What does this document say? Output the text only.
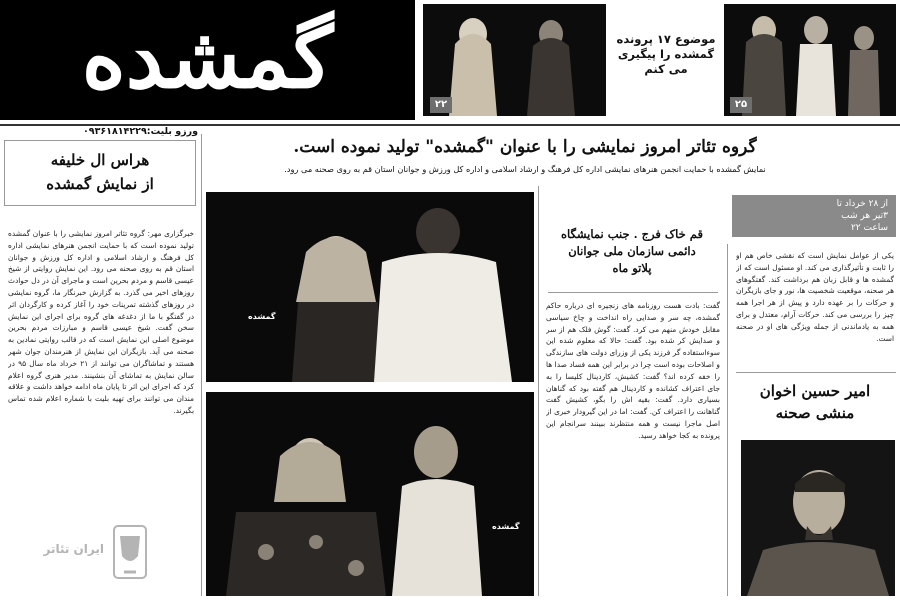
گمشده	۲۲
موضوع ۱۷ پرونده
گمشده را پیگیری
می کنم
۲۵
ورزو بلیت:۰۹۳۶۱۸۱۴۲۲۹
گروه تئاتر امروز نمایشی را با عنوان "گمشده" تولید نموده است.
نمایش گمشده با حمایت انجمن هنرهای نمایشی اداره کل فرهنگ و ارشاد اسلامی و اداره کل ورزش و جوانان استان قم به روی صحنه می رود.
هراس ال خلیفه
از نمایش گمشده
خبرگزاری مهر: گروه تئاتر امروز نمایشی را با عنوان گمشده تولید نموده است که با حمایت انجمن هنرهای نمایشی اداره کل فرهنگ و ارشاد اسلامی و اداره کل ورزش و جوانان استان قم به روی صحنه می رود. این نمایش روایتی از شیخ عیسی قاسم و مردم بحرین است و ماجرای آن در دل حوادث روزهای اخیر می گذرد. به گزارش خبرنگار ما، گروه نمایشی در روزهای گذشته تمرینات خود را آغاز کرده و کارگردان اثر در گفتگو با ما از دغدغه های گروه برای اجرای این نمایش سخن گفت. شیخ عیسی قاسم و مبارزات مردم بحرین موضوع اصلی این نمایش است که در قالب روایتی نمادین به صحنه می آید. بازیگران این نمایش از هنرمندان جوان شهر هستند و تماشاگران می توانند از ۲۱ خرداد ماه سال ۹۵ در سالن نمایش به تماشای آن بنشینند. مدیر هنری گروه اعلام کرد که اجرای این اثر تا پایان ماه ادامه خواهد داشت و علاقه مندان می توانند برای تهیه بلیت با شماره اعلام شده تماس بگیرند.
گمشده
گمشده
از ۲۸ خرداد تا
۳تیر هر شب
ساعت ۲۲
قم خاک فرج . جنب نمایشگاه
دائمی سازمان ملی جوانان
پلاتو ماه
گفت: بادت هست روزنامه های زنجیره ای درباره حاکم گمشده، چه سر و صدایی راه انداخت و چاخ سیاسی مقابل خودش منهم می کرد. گفت: گوش فلک هم از سر و صدایش کر شده بود. گفت: حالا که معلوم شده این سوءاستفاده گر فرزند یکی از وزرای دولت های سازندگی و اصلاحات بوده است چرا در برابر این همه فساد صدا ها را خفه کرده اند؟ گفت: کشیش، کاردینال کلیسا را به جای اعتراف کشانده و کاردینال هم گفته بود که گناهان بسیاری دارد. گفت: بقیه اش را بگو، کشیش گفت گناهانت را اعتراف کن. گفت: اما در این گیرودار خبری از اصل ماجرا نیست و همه منتظرند ببینند سرانجام این پرونده به کجا خواهد رسید.
یکی از عوامل نمایش است که نقشی خاص هم او را ثابت و تأثیرگذاری می کند. او مسئول است که از گمشده ها و قابل زبان هم برداشت کند. گفتگوهای هر صحنه، موقعیت شخصیت ها، نور و جای بازیگران و حرکات را بر عهده دارد و پیش از هر اجرا همه چیز را بررسی می کند. حرکات آرام، معتدل و برای همه به یادماندنی از جمله ویژگی های او در صحنه است.
امیر حسین اخوان
منشی صحنه
ایران تئاتر
